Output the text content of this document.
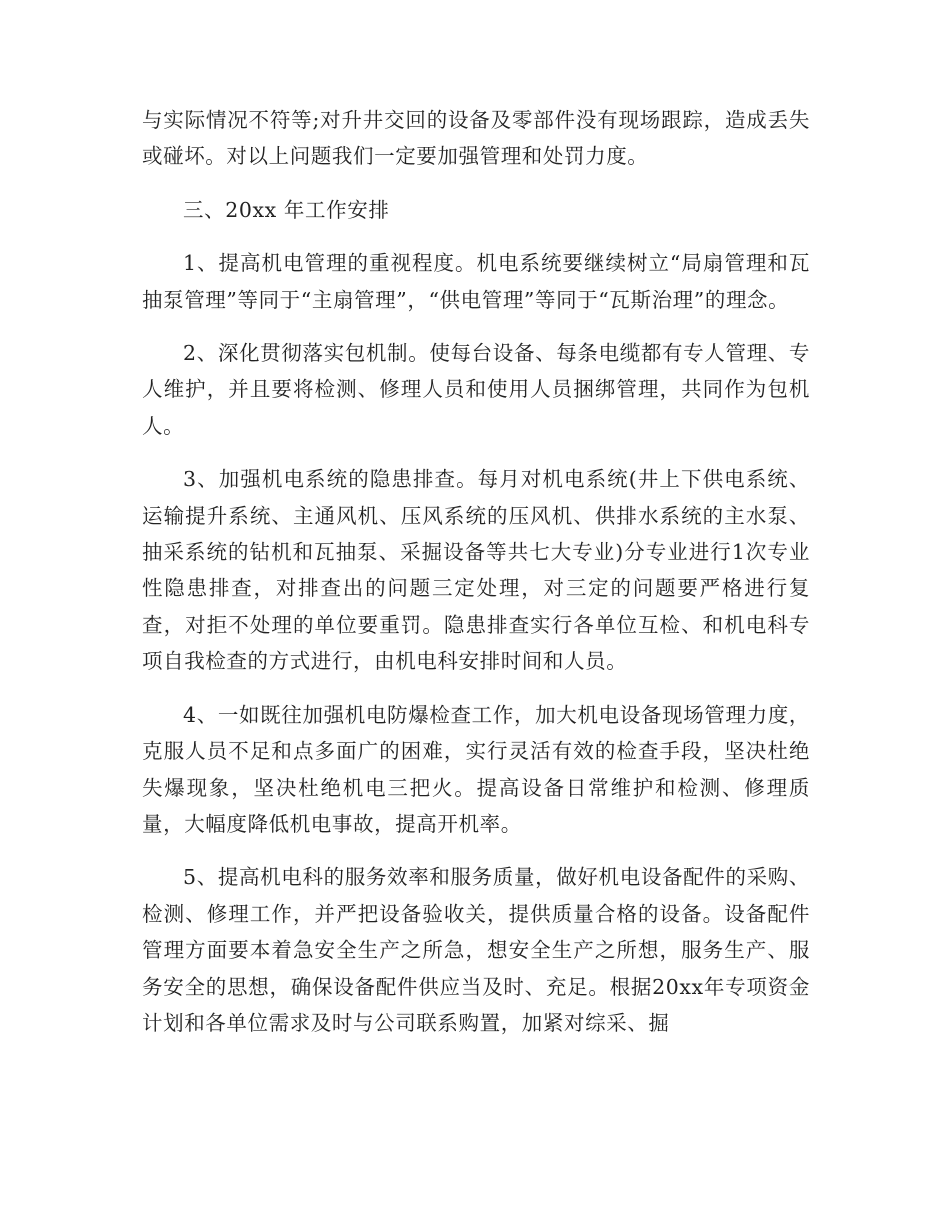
与实际情况不符等;对升井交回的设备及零部件没有现场跟踪，造成丢失或碰坏。对以上问题我们一定要加强管理和处罚力度。

三、20xx 年工作安排

1、提高机电管理的重视程度。机电系统要继续树立“局扇管理和瓦抽泵管理”等同于“主扇管理”，“供电管理”等同于“瓦斯治理”的理念。

2、深化贯彻落实包机制。使每台设备、每条电缆都有专人管理、专人维护，并且要将检测、修理人员和使用人员捆绑管理，共同作为包机人。

3、加强机电系统的隐患排查。每月对机电系统(井上下供电系统、运输提升系统、主通风机、压风系统的压风机、供排水系统的主水泵、抽采系统的钻机和瓦抽泵、采掘设备等共七大专业)分专业进行1次专业性隐患排查，对排查出的问题三定处理，对三定的问题要严格进行复查，对拒不处理的单位要重罚。隐患排查实行各单位互检、和机电科专项自我检查的方式进行，由机电科安排时间和人员。

4、一如既往加强机电防爆检查工作，加大机电设备现场管理力度，克服人员不足和点多面广的困难，实行灵活有效的检查手段，坚决杜绝失爆现象，坚决杜绝机电三把火。提高设备日常维护和检测、修理质量，大幅度降低机电事故，提高开机率。

5、提高机电科的服务效率和服务质量，做好机电设备配件的采购、检测、修理工作，并严把设备验收关，提供质量合格的设备。设备配件管理方面要本着急安全生产之所急，想安全生产之所想，服务生产、服务安全的思想，确保设备配件供应当及时、充足。根据20xx年专项资金计划和各单位需求及时与公司联系购置，加紧对综采、掘
